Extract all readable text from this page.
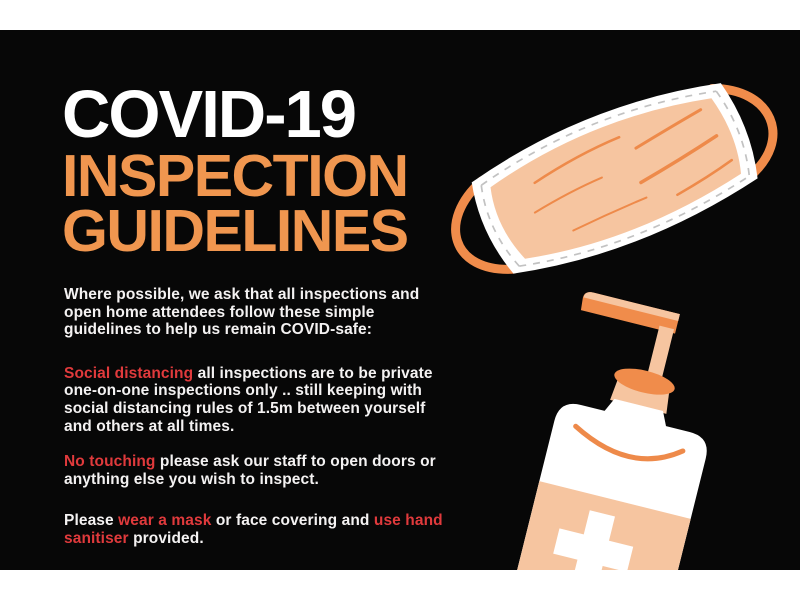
COVID-19
INSPECTION
GUIDELINES

Where possible, we ask that all inspections and open home attendees follow these simple guidelines to help us remain COVID-safe:

Social distancing all inspections are to be private one-on-one inspections only .. still keeping with social distancing rules of 1.5m between yourself and others at all times.

No touching please ask our staff to open doors or anything else you wish to inspect.

Please wear a mask or face covering and use hand sanitiser provided.
